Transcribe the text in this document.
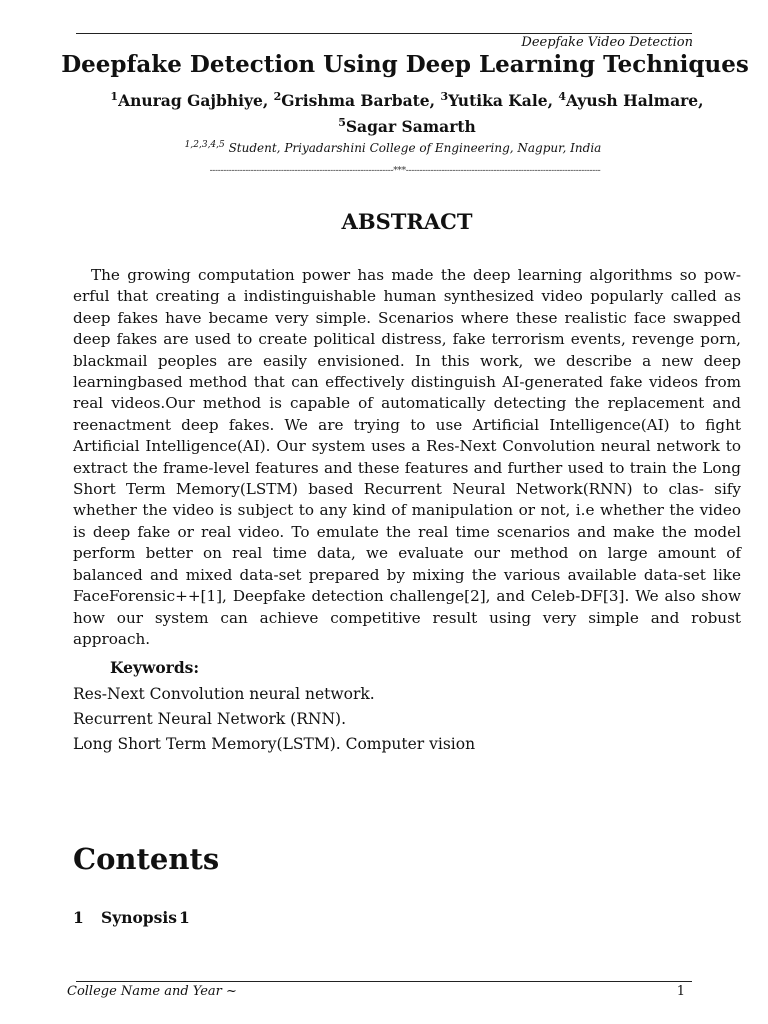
Deepfake Video Detection
Deepfake Detection Using Deep Learning Techniques
$^1$Anurag Gajbhiye, $^2$Grishma Barbate, $^3$Yutika Kale, $^4$Ayush Halmare, $^5$Sagar Samarth
$^{1,2,3,4,5}$ Student, Priyadarshini College of Engineering, Nagpur, India
-------------------------------------------------------------------***-----------------------------------------------------------------------
ABSTRACT

The growing computation power has made the deep learning algorithms so pow- erful that creating a indistinguishable human synthesized video popularly called as deep fakes have became very simple. Scenarios where these realistic face swapped deep fakes are used to create political distress, fake terrorism events, revenge porn, blackmail peoples are easily envisioned. In this work, we describe a new deep learningbased method that can effectively distinguish AI-generated fake videos from real videos.Our method is capable of automatically detecting the replacement and reenactment deep fakes. We are trying to use Artificial Intelligence(AI) to fight Artificial Intelligence(AI). Our system uses a Res-Next Convolution neural network to extract the frame-level features and these features and further used to train the Long Short Term Memory(LSTM) based Recurrent Neural Network(RNN) to clas- sify whether the video is subject to any kind of manipulation or not, i.e whether the video is deep fake or real video. To emulate the real time scenarios and make the model perform better on real time data, we evaluate our method on large amount of balanced and mixed data-set prepared by mixing the various available data-set like FaceForensic++[1], Deepfake detection challenge[2], and Celeb-DF[3]. We also show how our system can achieve competitive result using very simple and robust approach.

Keywords:
Res-Next Convolution neural network.
Recurrent Neural Network (RNN).
Long Short Term Memory(LSTM). Computer vision
Contents
1 Synopsis 1
College Name and Year ~	1
